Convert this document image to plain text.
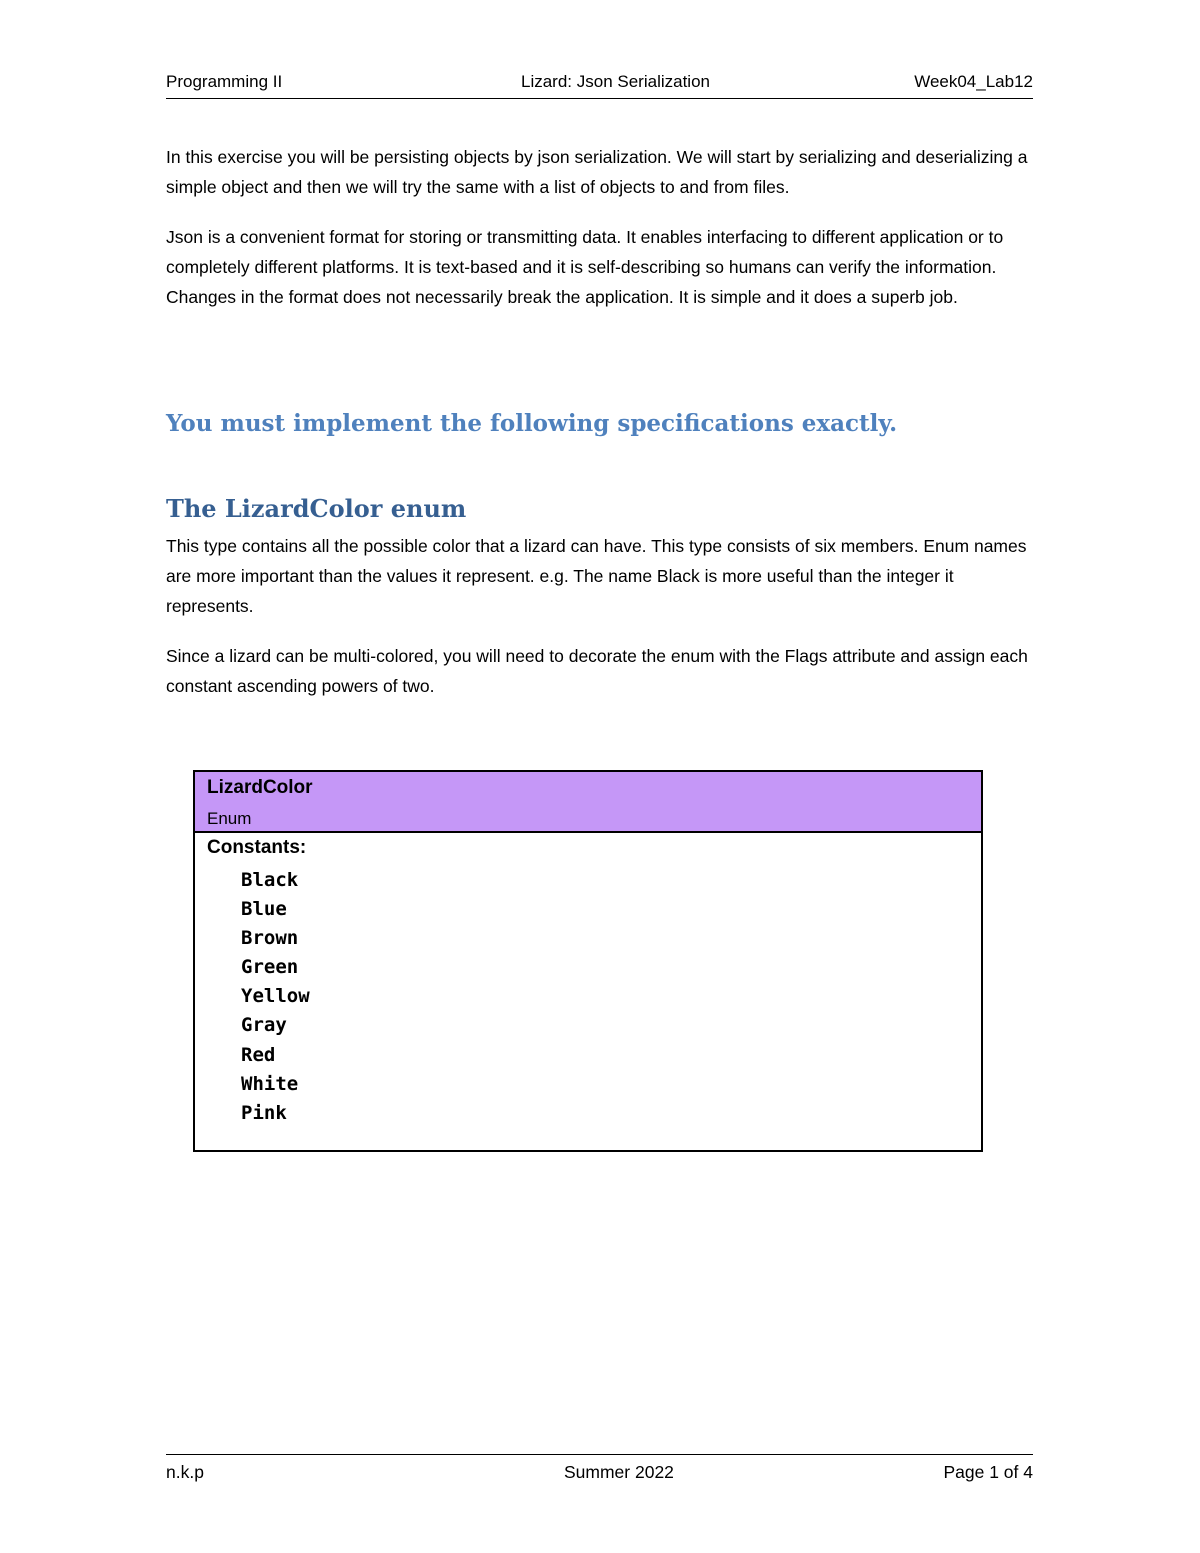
Programming II	Lizard: Json Serialization	Week04_Lab12

In this exercise you will be persisting objects by json serialization. We will start by serializing and deserializing a simple object and then we will try the same with a list of objects to and from files.

Json is a convenient format for storing or transmitting data. It enables interfacing to different application or to completely different platforms. It is text-based and it is self-describing so humans can verify the information. Changes in the format does not necessarily break the application. It is simple and it does a superb job.

You must implement the following specifications exactly.
The LizardColor enum

This type contains all the possible color that a lizard can have. This type consists of six members. Enum names are more important than the values it represent. e.g. The name Black is more useful than the integer it represents.

Since a lizard can be multi-colored, you will need to decorate the enum with the Flags attribute and assign each constant ascending powers of two.

LizardColor
Enum
Constants:
Black
Blue
Brown
Green
Yellow
Gray
Red
White
Pink
n.k.p	Summer 2022	Page 1 of 4
